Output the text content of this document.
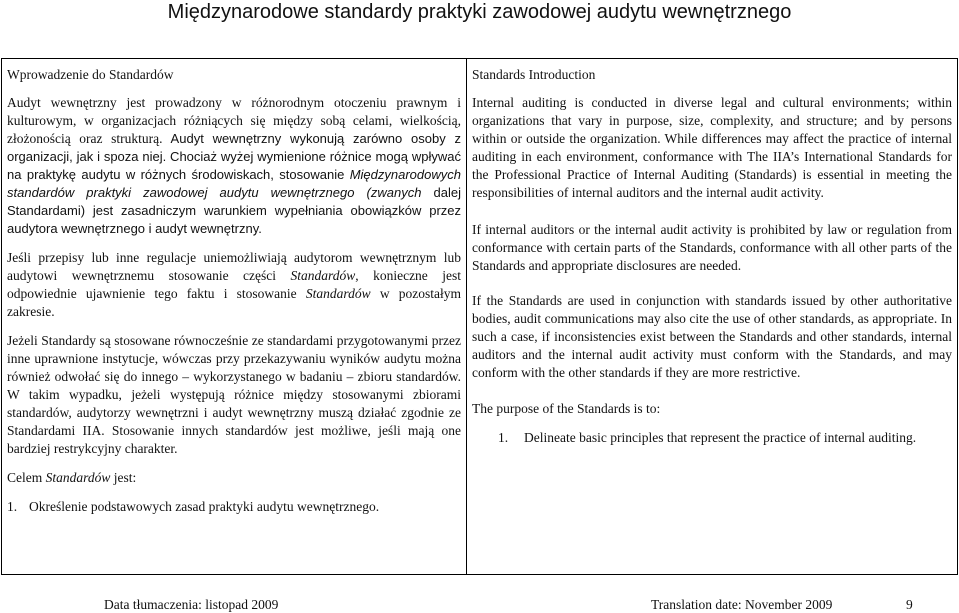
Międzynarodowe standardy praktyki zawodowej audytu wewnętrznego
Wprowadzenie do Standardów

Audyt wewnętrzny jest prowadzony w różnorodnym otoczeniu prawnym i kulturowym, w organizacjach różniących się między sobą celami, wielkością, złożonością oraz strukturą. Audyt wewnętrzny wykonują zarówno osoby z organizacji, jak i spoza niej. Chociaż wyżej wymienione różnice mogą wpływać na praktykę audytu w różnych środowiskach, stosowanie Międzynarodowych standardów praktyki zawodowej audytu wewnętrznego (zwanych dalej Standardami) jest zasadniczym warunkiem wypełniania obowiązków przez audytora wewnętrznego i audyt wewnętrzny.

Jeśli przepisy lub inne regulacje uniemożliwiają audytorom wewnętrznym lub audytowi wewnętrznemu stosowanie części Standardów, konieczne jest odpowiednie ujawnienie tego faktu i stosowanie Standardów w pozostałym zakresie.

Jeżeli Standardy są stosowane równocześnie ze standardami przygotowanymi przez inne uprawnione instytucje, wówczas przy przekazywaniu wyników audytu można również odwołać się do innego – wykorzystanego w badaniu – zbioru standardów. W takim wypadku, jeżeli występują różnice między stosowanymi zbiorami standardów, audytorzy wewnętrzni i audyt wewnętrzny muszą działać zgodnie ze Standardami IIA. Stosowanie innych standardów jest możliwe, jeśli mają one bardziej restrykcyjny charakter.

Celem Standardów jest:

1. Określenie podstawowych zasad praktyki audytu wewnętrznego.
Standards Introduction

Internal auditing is conducted in diverse legal and cultural environments; within organizations that vary in purpose, size, complexity, and structure; and by persons within or outside the organization. While differences may affect the practice of internal auditing in each environment, conformance with The IIA’s International Standards for the Professional Practice of Internal Auditing (Standards) is essential in meeting the responsibilities of internal auditors and the internal audit activity.

If internal auditors or the internal audit activity is prohibited by law or regulation from conformance with certain parts of the Standards, conformance with all other parts of the Standards and appropriate disclosures are needed.

If the Standards are used in conjunction with standards issued by other authoritative bodies, audit communications may also cite the use of other standards, as appropriate. In such a case, if inconsistencies exist between the Standards and other standards, internal auditors and the internal audit activity must conform with the Standards, and may conform with the other standards if they are more restrictive.

The purpose of the Standards is to:

1.	Delineate basic principles that represent the practice of internal auditing.
Data tłumaczenia: listopad 2009	Translation date: November 2009	9
